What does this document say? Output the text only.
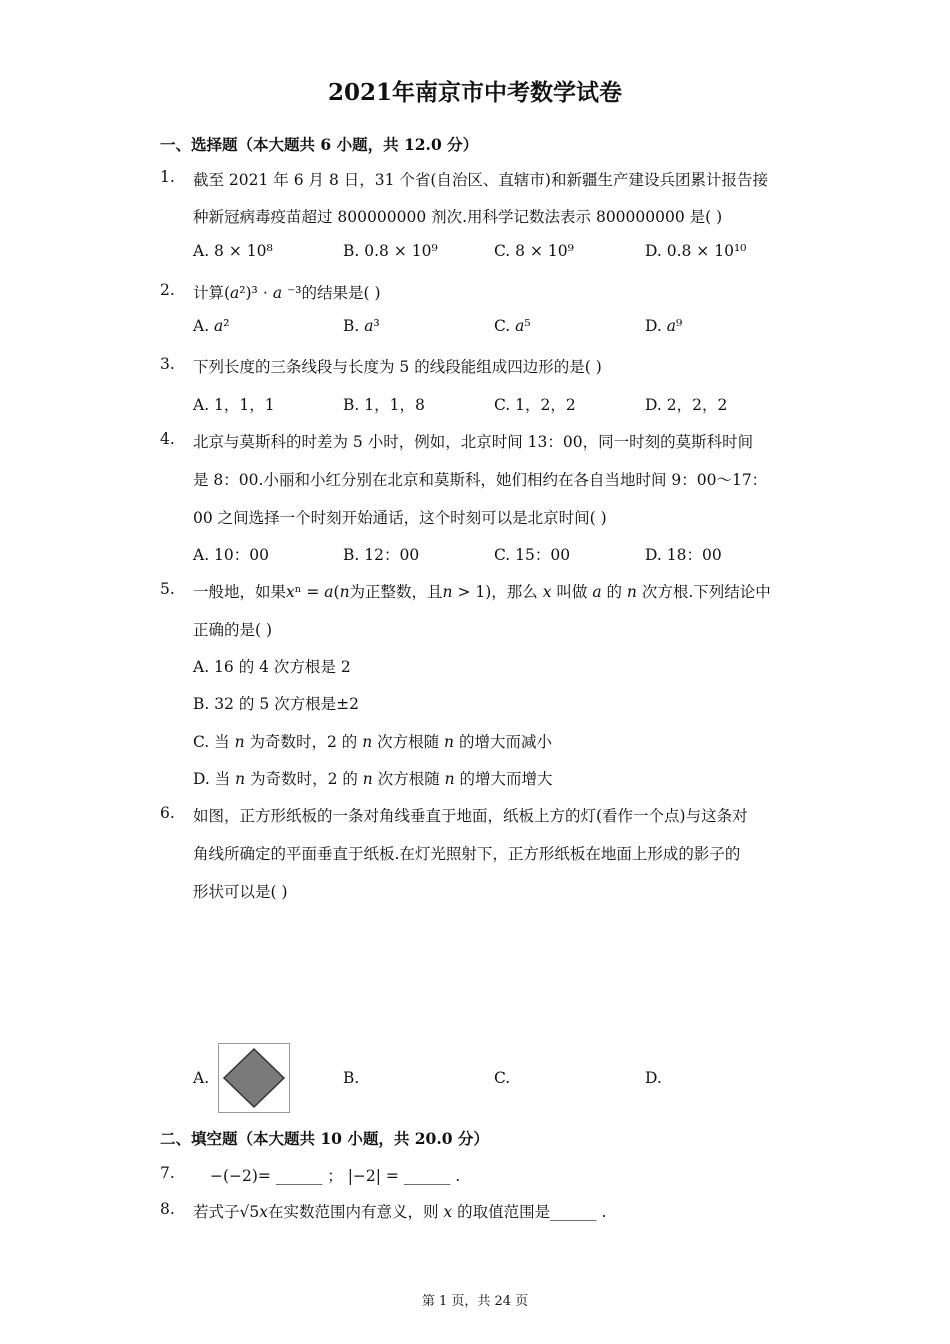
2021年南京市中考数学试卷
一、选择题（本大题共 6 小题，共 12.0 分）
1. 截至 2021 年 6 月 8 日，31 个省(自治区、直辖市)和新疆生产建设兵团累计报告接
种新冠病毒疫苗超过 800000000 剂次.用科学记数法表示 800000000 是( )
A. 8 × 10⁸	B. 0.8 × 10⁹	C. 8 × 10⁹	D. 0.8 × 10¹⁰
2. 计算(𝑎²)³ ⋅ 𝑎 ⁻³的结果是( )
A. 𝑎²	B. 𝑎³	C. 𝑎⁵	D. 𝑎⁹
3. 下列长度的三条线段与长度为 5 的线段能组成四边形的是( )
A. 1，1，1	B. 1，1，8	C. 1，2，2	D. 2，2，2
4. 北京与莫斯科的时差为 5 小时，例如，北京时间 13：00，同一时刻的莫斯科时间
是 8：00.小丽和小红分别在北京和莫斯科，她们相约在各自当地时间 9：00～17：
00 之间选择一个时刻开始通话，这个时刻可以是北京时间( )
A. 10：00	B. 12：00	C. 15：00	D. 18：00
5. 一般地，如果𝑥ⁿ = 𝑎(𝑛为正整数，且𝑛 > 1)，那么 𝑥 叫做 𝑎 的 𝑛 次方根.下列结论中
正确的是( )
A. 16 的 4 次方根是 2
B. 32 的 5 次方根是±2
C. 当 𝑛 为奇数时，2 的 𝑛 次方根随 𝑛 的增大而减小
D. 当 𝑛 为奇数时，2 的 𝑛 次方根随 𝑛 的增大而增大
6. 如图，正方形纸板的一条对角线垂直于地面，纸板上方的灯(看作一个点)与这条对
角线所确定的平面垂直于纸板.在灯光照射下，正方形纸板在地面上形成的影子的
形状可以是( )
A.	B.	C.	D.
二、填空题（本大题共 10 小题，共 20.0 分）
7. −(−2)= ______ ； |−2| = ______ .
8. 若式子√5𝑥在实数范围内有意义，则 𝑥 的取值范围是______ .
第 1 页，共 24 页
